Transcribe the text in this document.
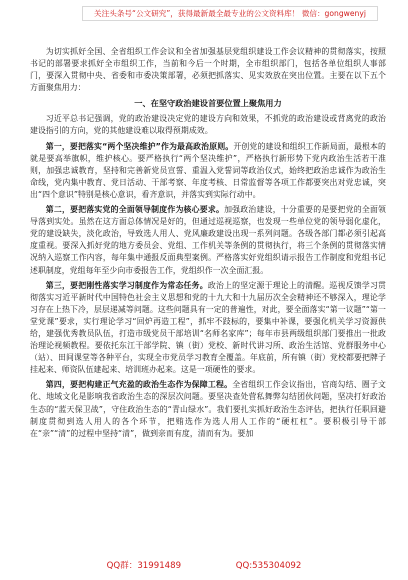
关注头条号“公文研究”，获得最新最全最专业的公文资料库！ 微信：gongwenyj

为切实抓好全国、全省组织工作会议和全省加强基层党组织建设工作会议精神的贯彻落实，按照书记的部署要求抓好全市组织工作，当前和今后一个时期，全市组织部门，包括各单位组织人事部门，要深入贯彻中央、省委和市委决策部署，必须把抓落实、见实效放在突出位置。主要在以下五个方面聚焦用力：

一、在坚守政治建设首要位置上聚焦用力

习近平总书记强调，党的政治建设决定党的建设方向和效果，不抓党的政治建设或背离党的政治建设指引的方向，党的其他建设难以取得预期成效。

第一，要把落实“两个坚决维护”作为最高政治原则。开创党的建设和组织工作新局面，最根本的就是要高举旗帜，维护核心。要严格执行“两个坚决维护”，严格执行新形势下党内政治生活若干准则，加强忠诚教育，坚持和完善新党员宣誓、重温入党誓词等政治仪式，始终把政治忠诚作为政治生命线，党内集中教育、党日活动、干部考察、年度考核、日常监督等各项工作都要突出对党忠诚，突出“四个意识”特别是核心意识，看齐意识，并落实到实际行动中。

第二，要把落实党的全面领导制度作为核心要求。加强政治建设，十分重要的是要把党的全面领导落到实处。虽然在这方面总体情况是好的，但通过巡视巡察，也发现一些单位党的领导弱化虚化，党的建设缺失，淡化政治，导致选人用人、党风廉政建设出现一系列问题。各级各部门都必须引起高度重视。要深入抓好党的地方委员会、党组、工作机关等条例的贯彻执行，将三个条例的贯彻落实情况纳入巡察工作内容，每年集中通报反面典型案例。严格落实好党组织请示报告工作制度和党组书记述职制度，党组每年至少向市委报告工作，党组织作一次全面汇报。

第三，要把刚性落实学习制度作为常态任务。政治上的坚定源于理论上的清醒。巡视反馈学习贯彻落实习近平新时代中国特色社会主义思想和党的十九大和十九届历次全会精神还不够深入，理论学习存在上热下冷，层层递减等问题。这些问题具有一定的普遍性，对此，要全面落实“第一议题”“第一堂党课”要求，实行理论学习“回炉再造工程”，抓牢不跂标的，要集中补课，要强化机关学习资源供给，建强优秀教员队伍，打造市级党员干部培训“名师名家库”；每年市县两级组织部门要推出一批政治理论视频教程。要依托东江干部学院、镇（街）党校、新时代讲习所、政治生活馆、党群服务中心（站）、田间课堂等各种平台，实现全市党员学习教育全覆盖。年底前，所有镇（街）党校都要把牌子挂起来、师资队伍建起来、培训班办起来。这是一项硬性的要求。

第四，要把构建正气充盈的政治生态作为保障工程。全省组织工作会议指出，官商勾结、圈子文化、地域文化是影响我省政治生态的深层次问题。要坚决查处营私舞弊勾结团伙问题，坚决打好政治生态的“蓝天保卫战”，守住政治生态的“青山绿水”。我们要扎实抓好政治生态评估，把执行任职回避制度贯彻到选人用人的各个环节，把贿选作为选人用人工作的“硬杠杠”。要积极引导干部在“亲”“清”的过程中坚持“清”，做到亲而有度，清而有为。要加

QQ群：31991489                    QQ:535304092
